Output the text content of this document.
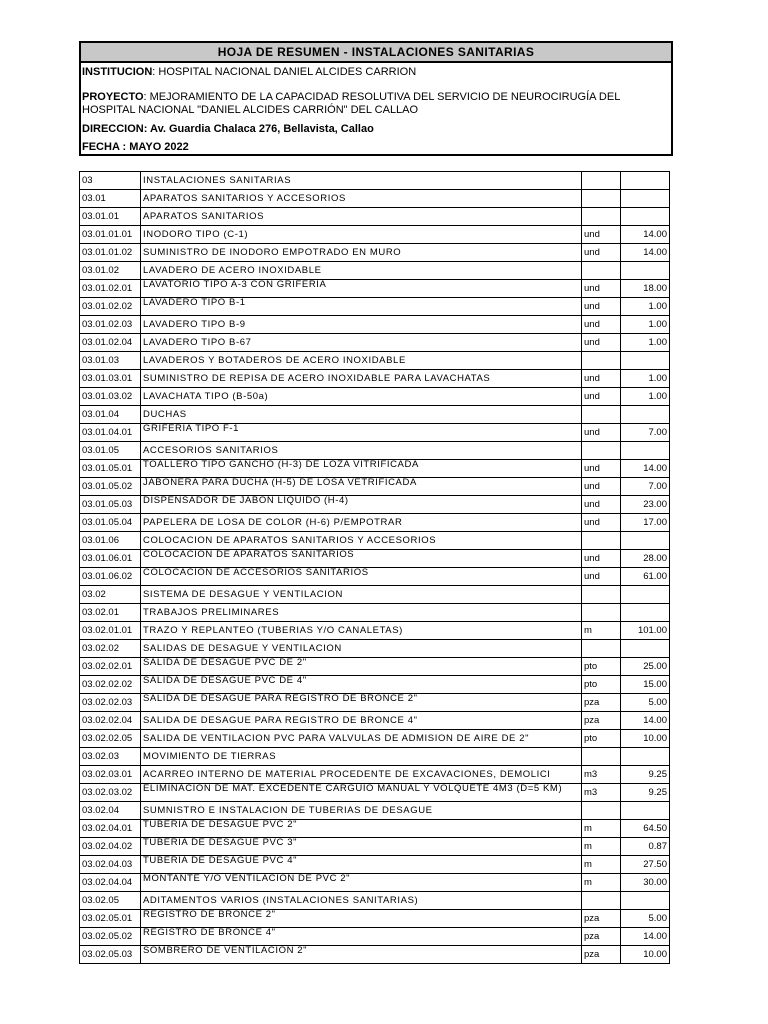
HOJA DE RESUMEN - INSTALACIONES SANITARIAS
INSTITUCION: HOSPITAL NACIONAL DANIEL ALCIDES CARRION
PROYECTO: MEJORAMIENTO DE LA CAPACIDAD RESOLUTIVA DEL SERVICIO DE NEUROCIRUGÍA DEL HOSPITAL NACIONAL "DANIEL ALCIDES CARRIÓN" DEL CALLAO
DIRECCION: Av. Guardia Chalaca 276, Bellavista, Callao
FECHA : MAYO 2022
03	INSTALACIONES SANITARIAS		
03.01	APARATOS SANITARIOS Y ACCESORIOS		
03.01.01	APARATOS SANITARIOS		
03.01.01.01	INODORO TIPO (C-1)	und	14.00
03.01.01.02	SUMINISTRO DE INODORO EMPOTRADO EN MURO	und	14.00
03.01.02	LAVADERO DE ACERO INOXIDABLE		
03.01.02.01	LAVATORIO TIPO A-3 CON GRIFERIA	und	18.00
03.01.02.02	LAVADERO TIPO B-1	und	1.00
03.01.02.03	LAVADERO TIPO B-9	und	1.00
03.01.02.04	LAVADERO TIPO B-67	und	1.00
03.01.03	LAVADEROS Y BOTADEROS DE ACERO INOXIDABLE		
03.01.03.01	SUMINISTRO DE REPISA DE ACERO INOXIDABLE PARA LAVACHATAS	und	1.00
03.01.03.02	LAVACHATA TIPO (B-50a)	und	1.00
03.01.04	DUCHAS		
03.01.04.01	GRIFERIA TIPO F-1	und	7.00
03.01.05	ACCESORIOS SANITARIOS		
03.01.05.01	TOALLERO TIPO GANCHO (H-3) DE LOZA VITRIFICADA	und	14.00
03.01.05.02	JABONERA PARA DUCHA (H-5) DE LOSA VETRIFICADA	und	7.00
03.01.05.03	DISPENSADOR DE JABON LIQUIDO (H-4)	und	23.00
03.01.05.04	PAPELERA DE LOSA DE COLOR (H-6) P/EMPOTRAR	und	17.00
03.01.06	COLOCACION DE APARATOS SANITARIOS Y ACCESORIOS		
03.01.06.01	COLOCACION DE APARATOS SANITARIOS	und	28.00
03.01.06.02	COLOCACION DE ACCESORIOS SANITARIOS	und	61.00
03.02	SISTEMA DE DESAGUE Y VENTILACION		
03.02.01	TRABAJOS PRELIMINARES		
03.02.01.01	TRAZO Y REPLANTEO (TUBERIAS Y/O CANALETAS)	m	101.00
03.02.02	SALIDAS DE DESAGUE Y VENTILACION		
03.02.02.01	SALIDA DE DESAGUE PVC DE 2"	pto	25.00
03.02.02.02	SALIDA DE DESAGUE PVC DE 4"	pto	15.00
03.02.02.03	SALIDA DE DESAGUE PARA REGISTRO DE BRONCE 2"	pza	5.00
03.02.02.04	SALIDA DE DESAGUE PARA REGISTRO DE BRONCE 4"	pza	14.00
03.02.02.05	SALIDA DE VENTILACION PVC PARA VALVULAS DE ADMISION DE AIRE DE 2"	pto	10.00
03.02.03	MOVIMIENTO DE TIERRAS		
03.02.03.01	ACARREO INTERNO DE MATERIAL PROCEDENTE DE EXCAVACIONES, DEMOLICI	m3	9.25
03.02.03.02	ELIMINACION DE MAT. EXCEDENTE CARGUIO MANUAL Y VOLQUETE 4M3 (D=5 KM)	m3	9.25
03.02.04	SUMNISTRO E INSTALACION DE TUBERIAS DE DESAGUE		
03.02.04.01	TUBERIA DE DESAGUE PVC 2"	m	64.50
03.02.04.02	TUBERIA DE DESAGUE PVC 3"	m	0.87
03.02.04.03	TUBERIA DE DESAGUE PVC 4"	m	27.50
03.02.04.04	MONTANTE Y/O VENTILACION DE PVC 2"	m	30.00
03.02.05	ADITAMENTOS VARIOS (INSTALACIONES SANITARIAS)		
03.02.05.01	REGISTRO DE BRONCE 2"	pza	5.00
03.02.05.02	REGISTRO DE BRONCE 4"	pza	14.00
03.02.05.03	SOMBRERO DE VENTILACION 2"	pza	10.00
